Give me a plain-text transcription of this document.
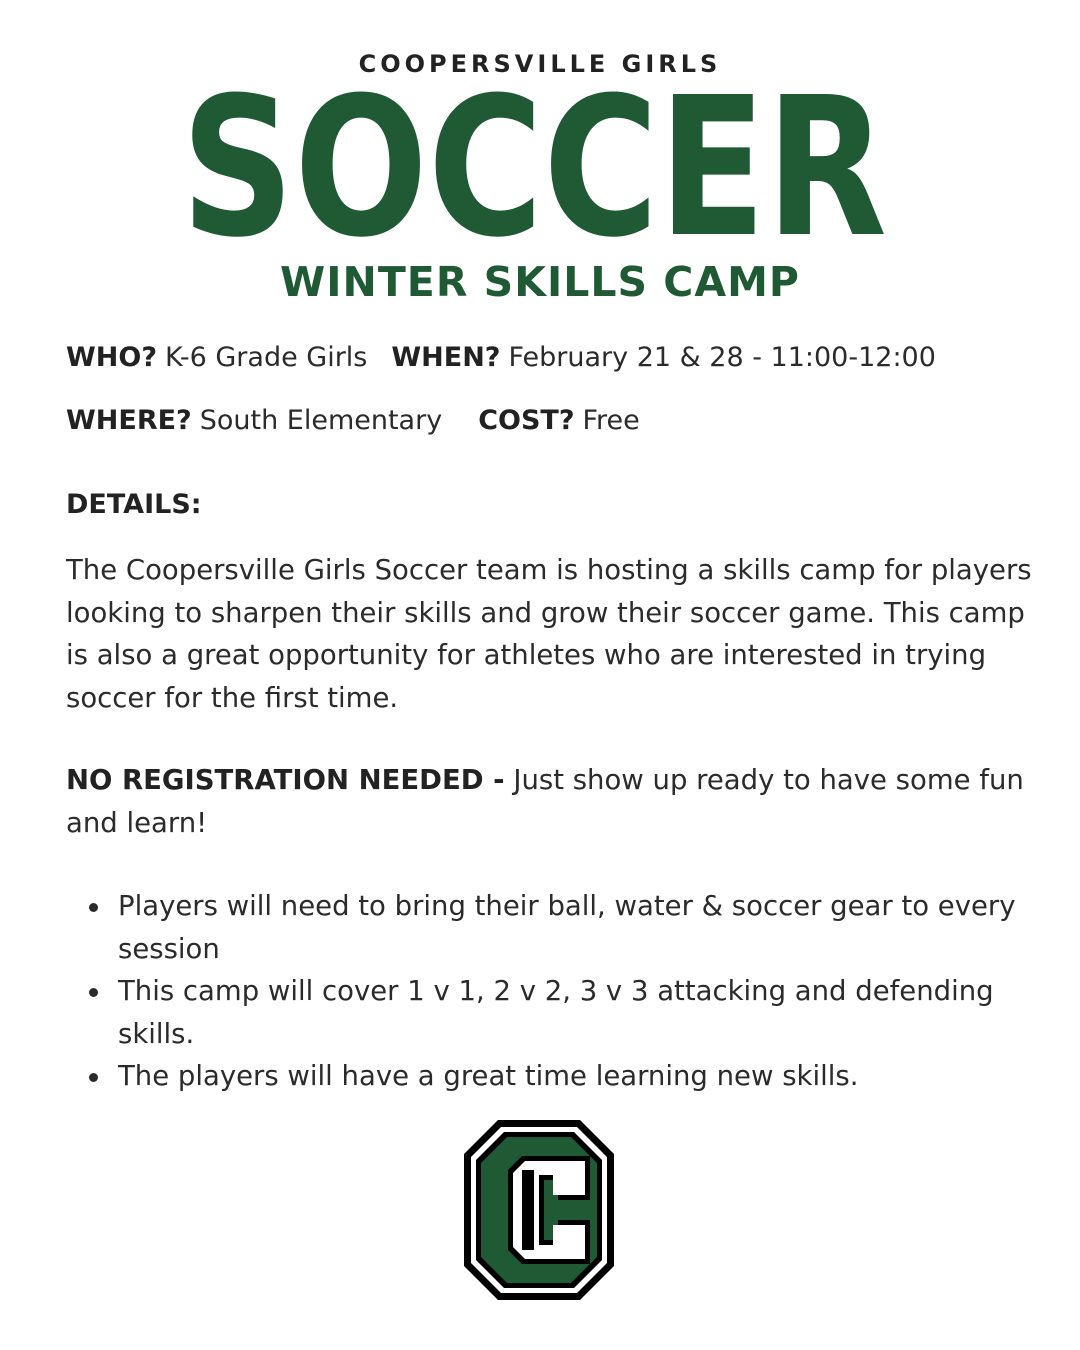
COOPERSVILLE GIRLS
SOCCER
WINTER SKILLS CAMP
WHO? K-6 Grade Girls WHEN? February 21 & 28 - 11:00-12:00
WHERE? South Elementary COST? Free
DETAILS:

The Coopersville Girls Soccer team is hosting a skills camp for players looking to sharpen their skills and grow their soccer game. This camp is also a great opportunity for athletes who are interested in trying soccer for the first time.

NO REGISTRATION NEEDED - Just show up ready to have some fun and learn!

Players will need to bring their ball, water & soccer gear to every session
This camp will cover 1 v 1, 2 v 2, 3 v 3 attacking and defending skills.
The players will have a great time learning new skills.
